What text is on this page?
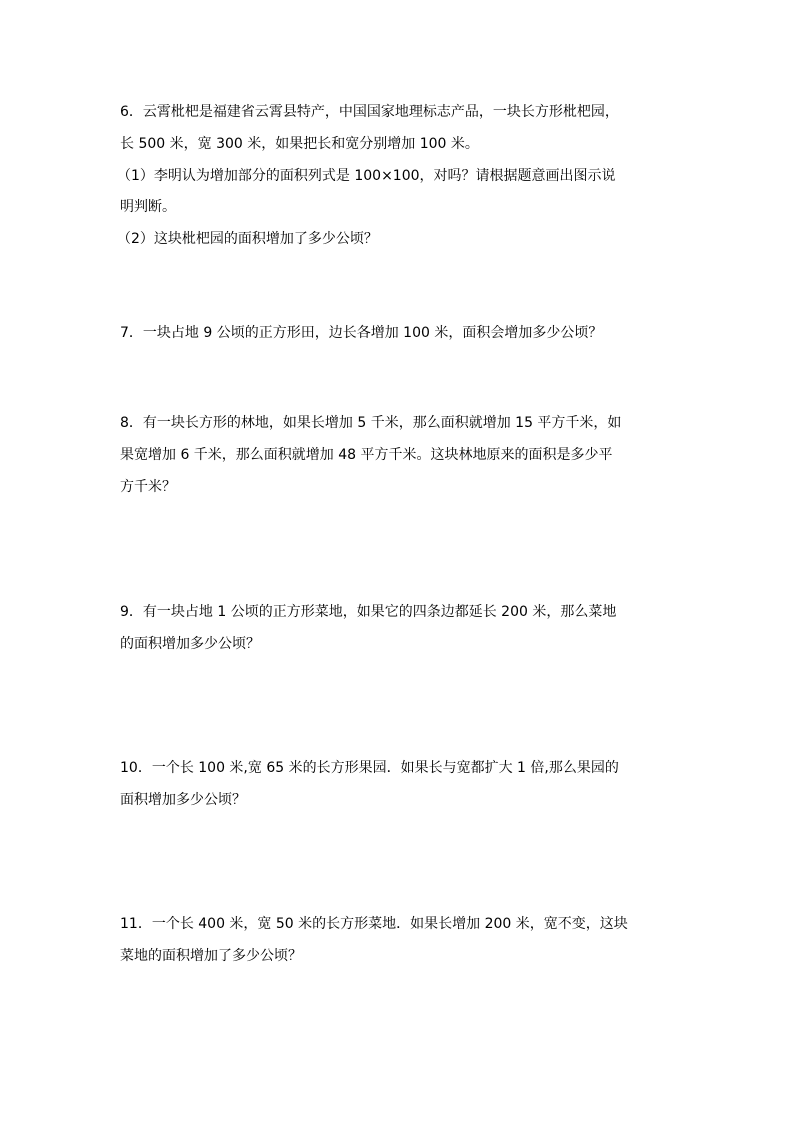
6．云霄枇杷是福建省云霄县特产，中国国家地理标志产品，一块长方形枇杷园，
长 500 米，宽 300 米，如果把长和宽分别增加 100 米。
（1）李明认为增加部分的面积列式是 100×100，对吗？请根据题意画出图示说
明判断。
（2）这块枇杷园的面积增加了多少公顷？
7．一块占地 9 公顷的正方形田，边长各增加 100 米，面积会增加多少公顷？
8．有一块长方形的林地，如果长增加 5 千米，那么面积就增加 15 平方千米，如
果宽增加 6 千米，那么面积就增加 48 平方千米。这块林地原来的面积是多少平
方千米？
9．有一块占地 1 公顷的正方形菜地，如果它的四条边都延长 200 米，那么菜地
的面积增加多少公顷？
10．一个长 100 米,宽 65 米的长方形果园．如果长与宽都扩大 1 倍,那么果园的
面积增加多少公顷？
11．一个长 400 米，宽 50 米的长方形菜地．如果长增加 200 米，宽不变，这块
菜地的面积增加了多少公顷？
